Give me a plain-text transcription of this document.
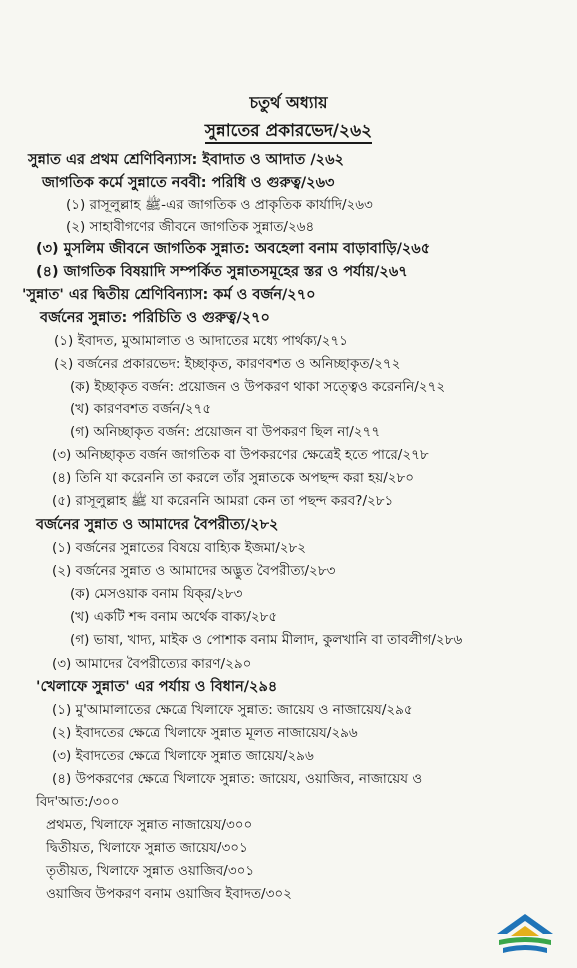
চতুর্থ অধ্যায়
সুন্নাতের প্রকারভেদ/২৬২
সুন্নাত এর প্রথম শ্রেণিবিন্যাস: ইবাদাত ও আদাত /২৬২
জাগতিক কর্মে সুন্নাতে নববী: পরিধি ও গুরুত্ব/২৬৩
(১) রাসূলুল্লাহ ﷺ-এর জাগতিক ও প্রাকৃতিক কার্যাদি/২৬৩
(২) সাহাবীগণের জীবনে জাগতিক সুন্নাত/২৬৪
(৩) মুসলিম জীবনে জাগতিক সুন্নাত: অবহেলা বনাম বাড়াবাড়ি/২৬৫
(৪) জাগতিক বিষয়াদি সম্পর্কিত সুন্নাতসমূহের স্তর ও পর্যায়/২৬৭
'সুন্নাত' এর দ্বিতীয় শ্রেণিবিন্যাস: কর্ম ও বর্জন/২৭০
বর্জনের সুন্নাত: পরিচিতি ও গুরুত্ব/২৭০
(১) ইবাদত, মুআমালাত ও আদাতের মধ্যে পার্থক্য/২৭১
(২) বর্জনের প্রকারভেদ: ইচ্ছাকৃত, কারণবশত ও অনিচ্ছাকৃত/২৭২
(ক) ইচ্ছাকৃত বর্জন: প্রয়োজন ও উপকরণ থাকা সত্ত্বেও করেননি/২৭২
(খ) কারণবশত বর্জন/২৭৫
(গ) অনিচ্ছাকৃত বর্জন: প্রয়োজন বা উপকরণ ছিল না/২৭৭
(৩) অনিচ্ছাকৃত বর্জন জাগতিক বা উপকরণের ক্ষেত্রেই হতে পারে/২৭৮
(৪) তিনি যা করেননি তা করলে তাঁর সুন্নাতকে অপছন্দ করা হয়/২৮০
(৫) রাসূলুল্লাহ ﷺ যা করেননি আমরা কেন তা পছন্দ করব?/২৮১
বর্জনের সুন্নাত ও আমাদের বৈপরীত্য/২৮২
(১) বর্জনের সুন্নাতের বিষয়ে বাহ্যিক ইজমা/২৮২
(২) বর্জনের সুন্নাত ও আমাদের অদ্ভুত বৈপরীত্য/২৮৩
(ক) মেসওয়াক বনাম যিক্‌র/২৮৩
(খ) একটি শব্দ বনাম অর্থেক বাক্য/২৮৫
(গ) ভাষা, খাদ্য, মাইক ও পোশাক বনাম মীলাদ, কুলখানি বা তাবলীগ/২৮৬
(৩) আমাদের বৈপরীত্যের কারণ/২৯০
'খেলাফে সুন্নাত' এর পর্যায় ও বিধান/২৯৪
(১) মু'আমালাতের ক্ষেত্রে খিলাফে সুন্নাত: জায়েয ও নাজায়েয/২৯৫
(২) ইবাদতের ক্ষেত্রে খিলাফে সুন্নাত মূলত নাজায়েয/২৯৬
(৩) ইবাদতের ক্ষেত্রে খিলাফে সুন্নাত জায়েয/২৯৬
(৪) উপকরণের ক্ষেত্রে খিলাফে সুন্নাত: জায়েয, ওয়াজিব, নাজায়েয ও
বিদ'আত:/৩০০
প্রথমত, খিলাফে সুন্নাত নাজায়েয/৩০০
দ্বিতীয়ত, খিলাফে সুন্নাত জায়েয/৩০১
তৃতীয়ত, খিলাফে সুন্নাত ওয়াজিব/৩০১
ওয়াজিব উপকরণ বনাম ওয়াজিব ইবাদত/৩০২
